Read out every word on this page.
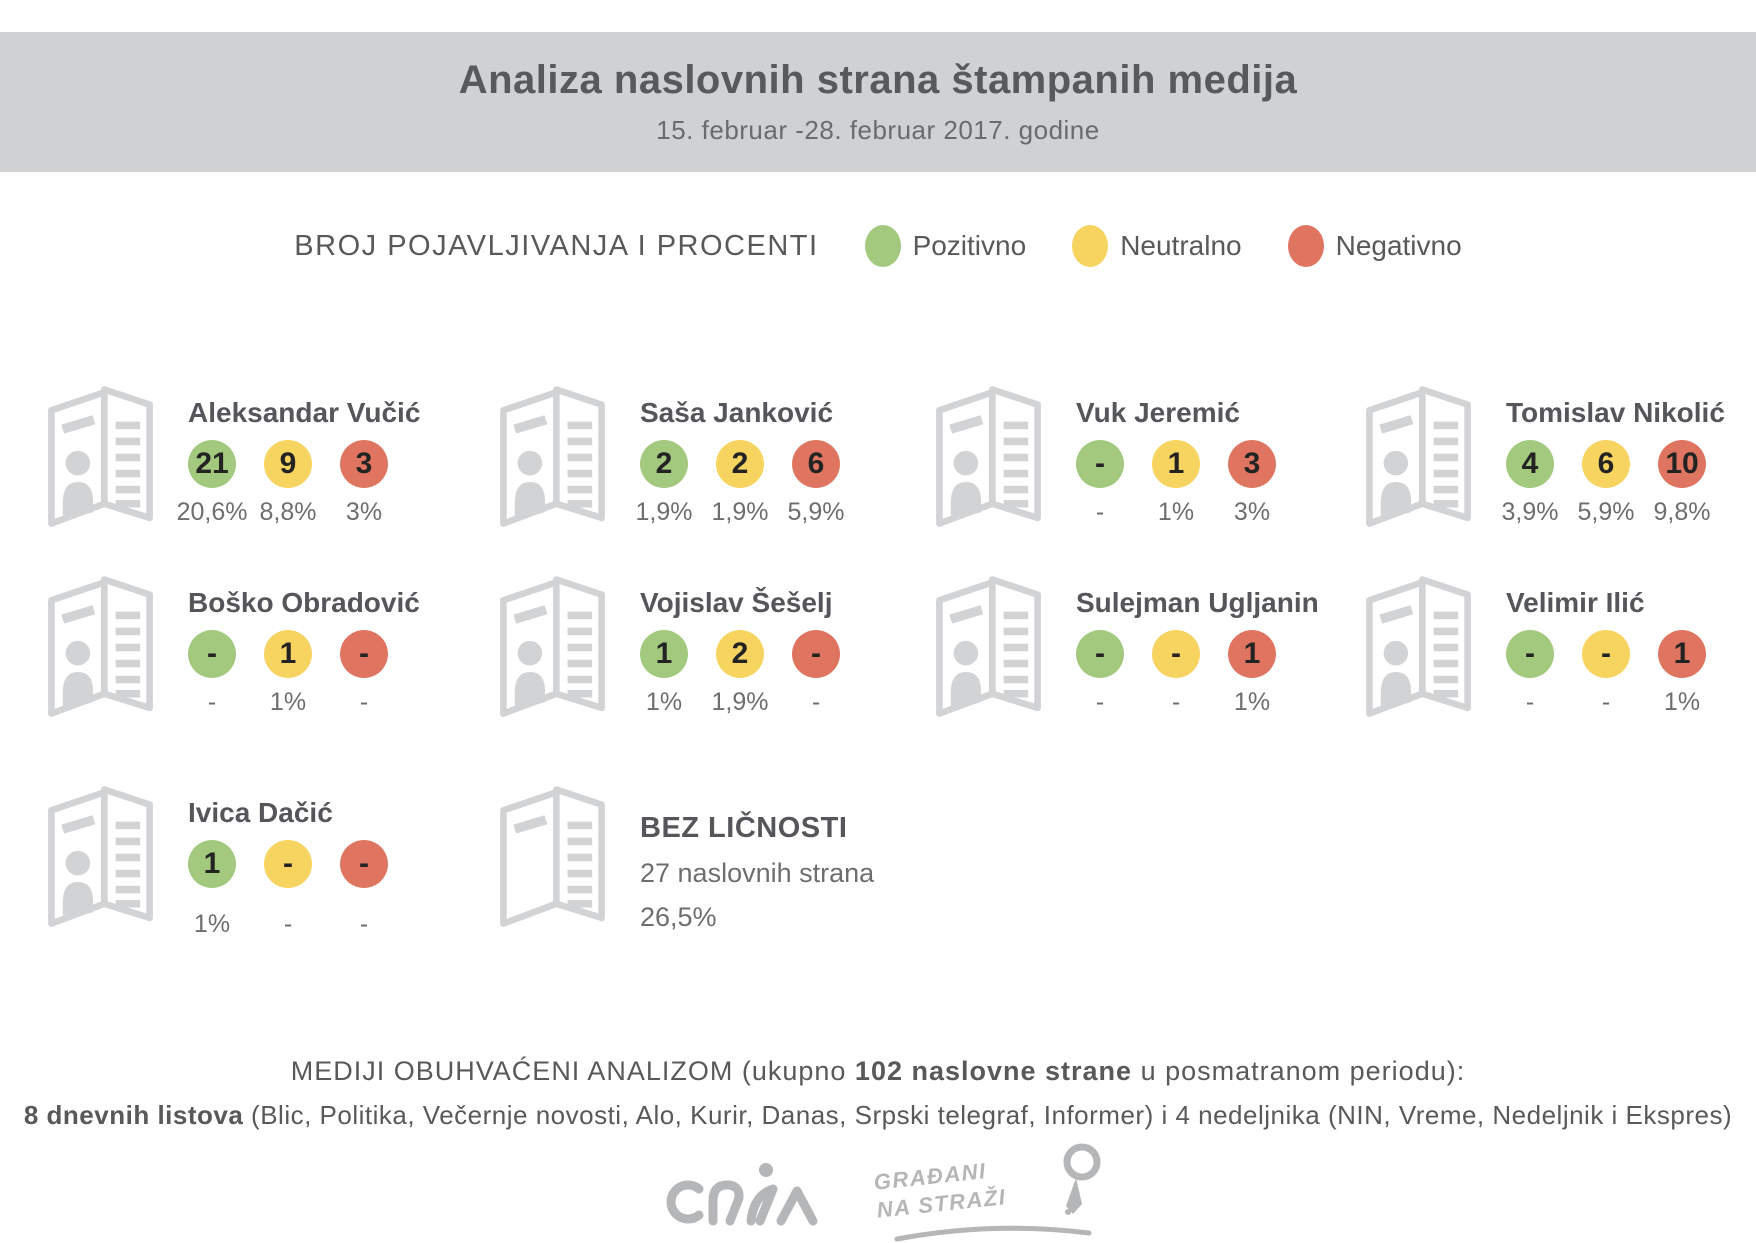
Analiza naslovnih strana štampanih medija
15. februar -28. februar 2017. godine
BROJ POJAVLJIVANJA I PROCENTI	Pozitivno	Neutralno	Negativno
Aleksandar Vučić
21	9	3
20,6% 8,8% 3%
Saša Janković
2	2	6
1,9% 1,9% 5,9%
Vuk Jeremić
-	1	3
- 1% 3%
Tomislav Nikolić
4	6	10
3,9% 5,9% 9,8%
Boško Obradović
-	1	-
- 1% -
Vojislav Šešelj
1	2	-
1% 1,9% -
Sulejman Ugljanin
-	-	1
-	- 1%
Velimir Ilić
-	-	1
-	- 1%
Ivica Dačić
1	-	-
1% -	-
BEZ LIČNOSTI
27 naslovnih strana
26,5%
MEDIJI OBUHVAĆENI ANALIZOM (ukupno 102 naslovne strane u posmatranom periodu):
8 dnevnih listova (Blic, Politika, Večernje novosti, Alo, Kurir, Danas, Srpski telegraf, Informer) i 4 nedeljnika (NIN, Vreme, Nedeljnik i Ekspres)
GRAĐANI
NA STRAŽI
